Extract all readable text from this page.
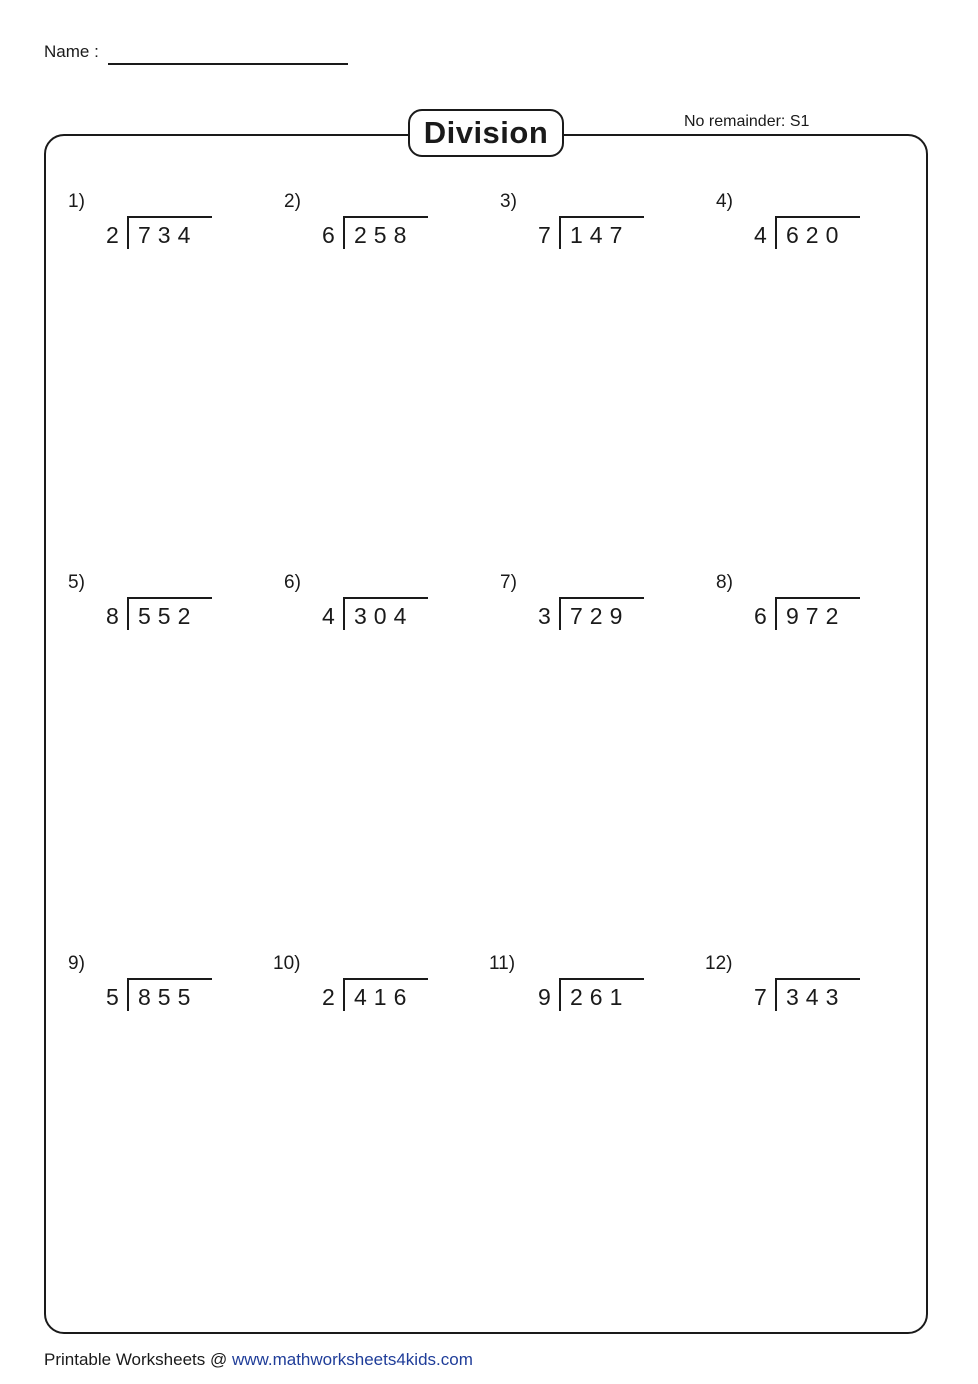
Name :
Division	No remainder: S1
1)
2 734
2)
6 258
3)
7 147
4)
4 620
5)
8 552
6)
4 304
7)
3 729
8)
6 972
9)
5 855
10)
2 416
11)
9 261
12)
7 343
Printable Worksheets @ www.mathworksheets4kids.com
